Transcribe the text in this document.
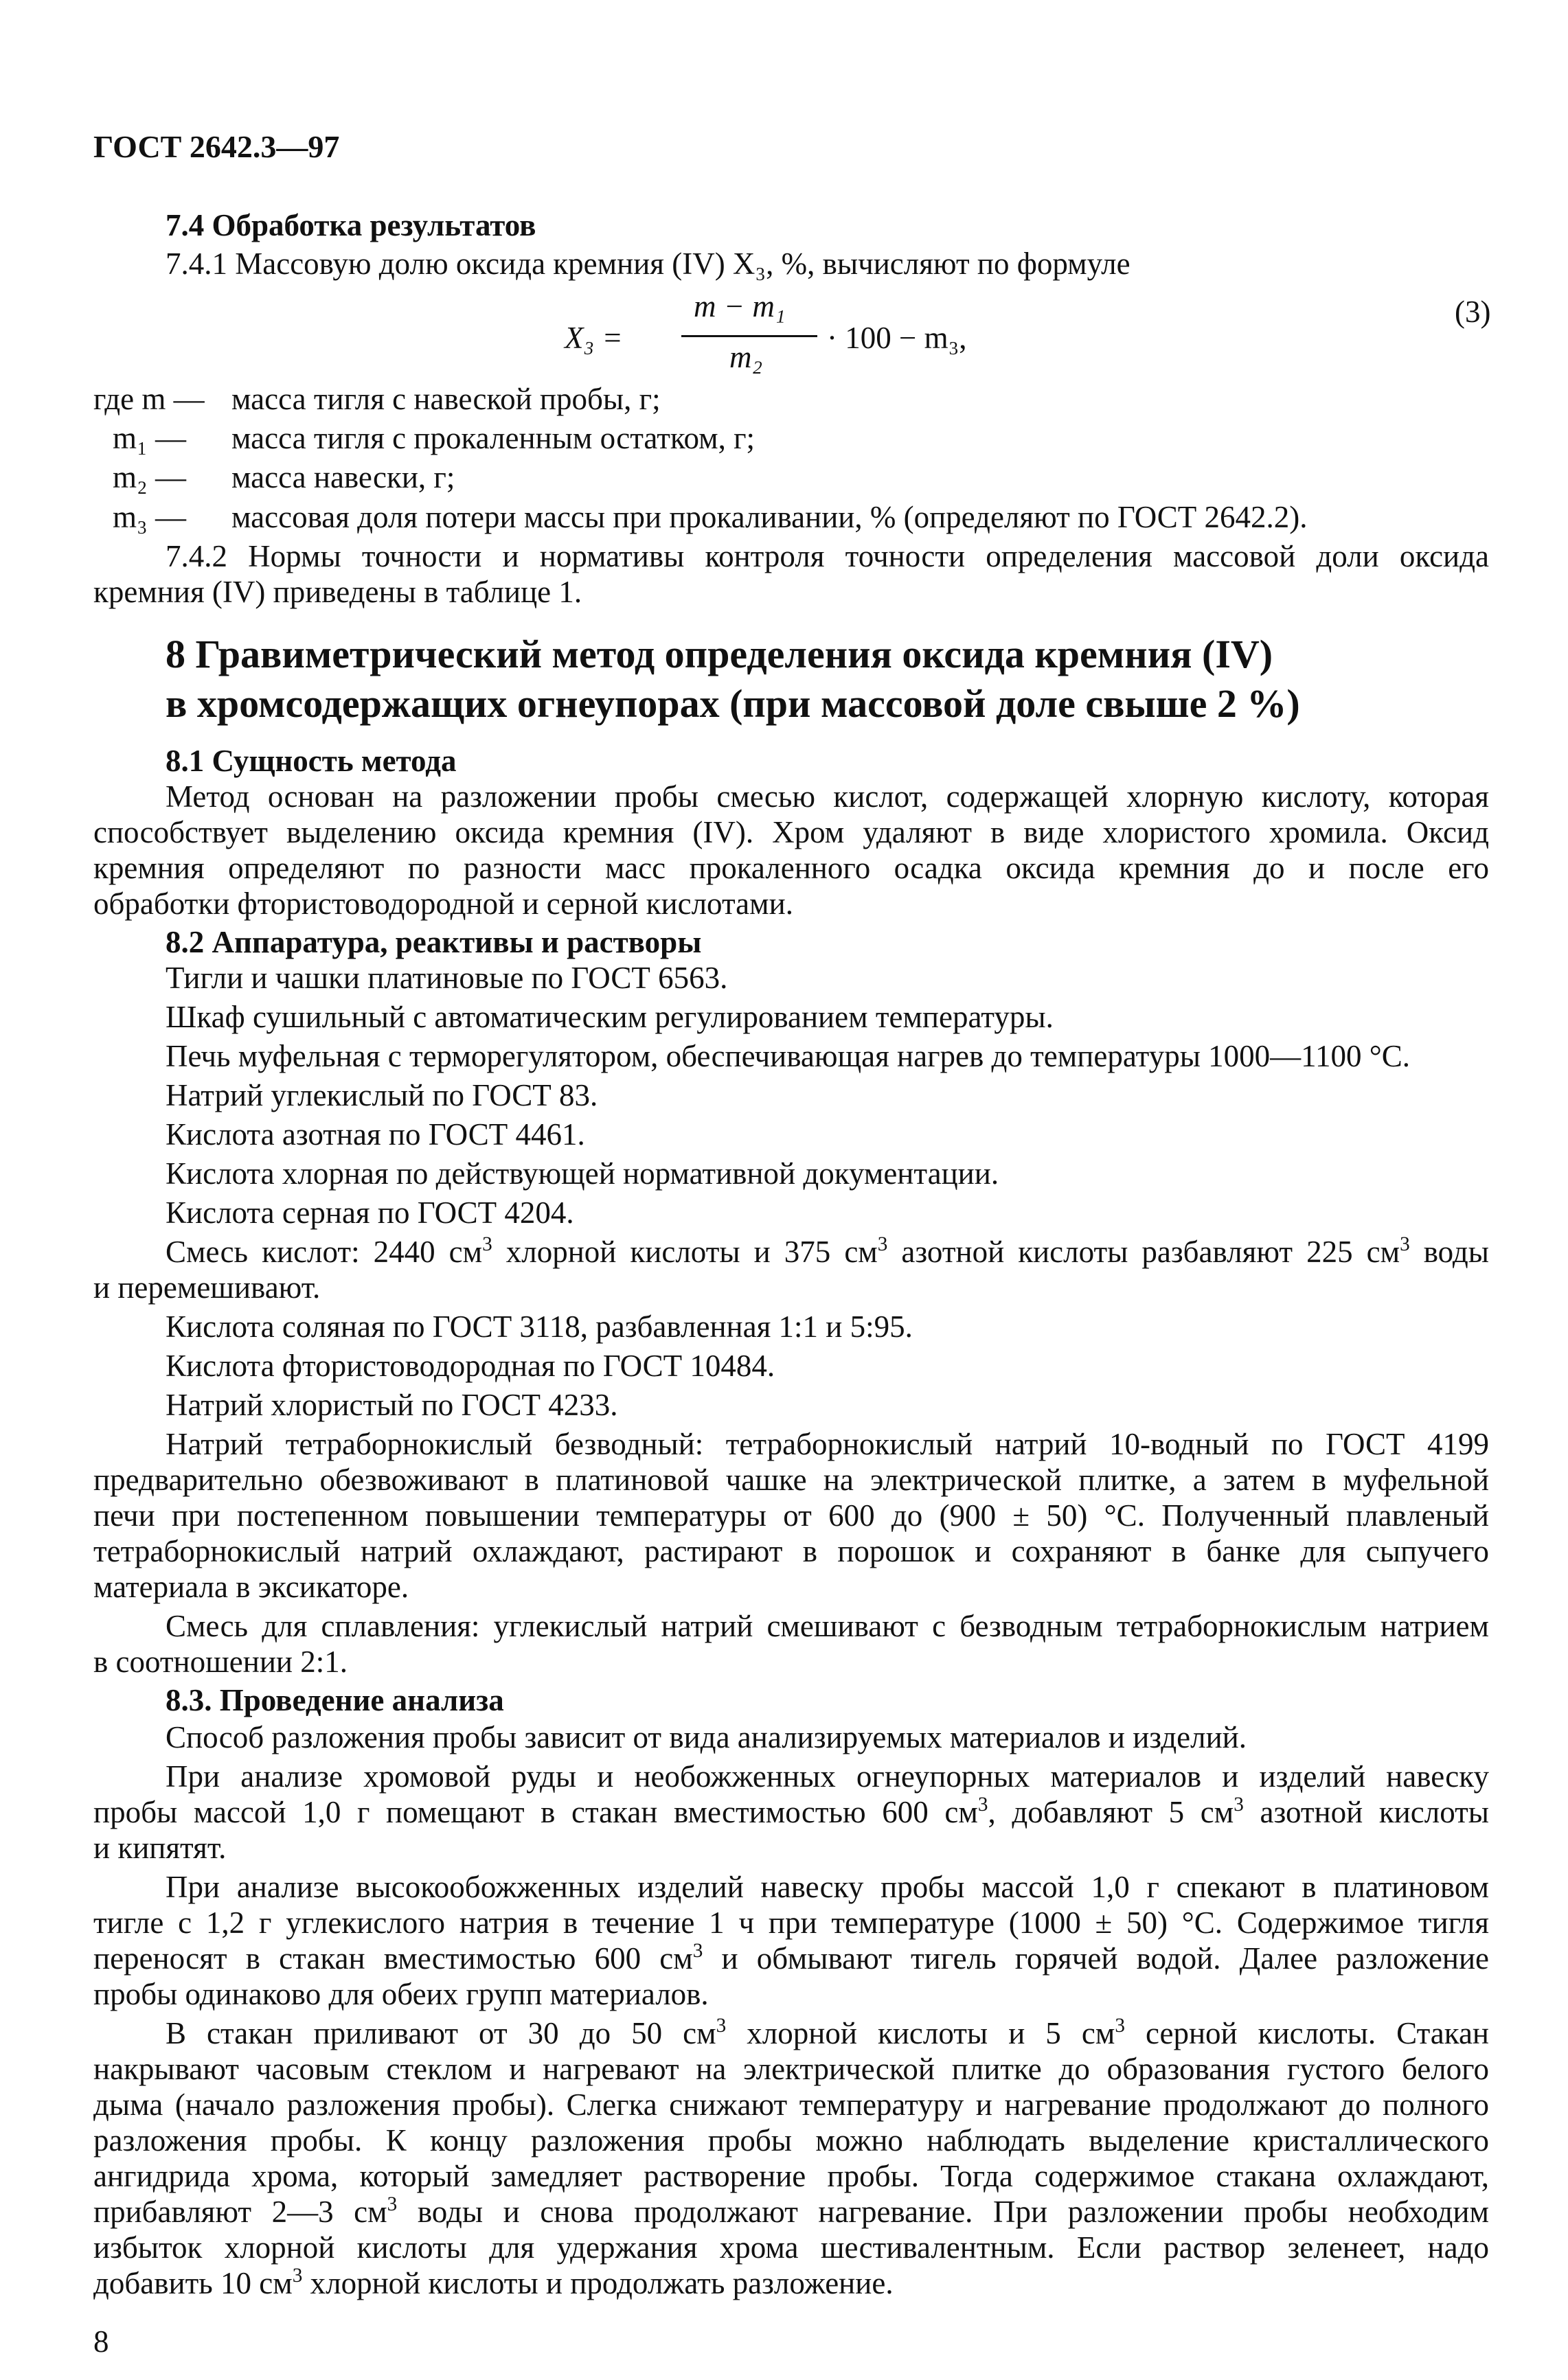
ГОСТ 2642.3—97
7.4 Обработка результатов
7.4.1 Массовую долю оксида кремния (IV) X₃, %, вычисляют по формуле
X₃ =
m − m₁
m₂
· 100 − m₃,
(3)
где m — масса тигля с навеской пробы, г;
m₁ — масса тигля с прокаленным остатком, г;
m₂ — масса навески, г;
m₃ — массовая доля потери массы при прокаливании, % (определяют по ГОСТ 2642.2).
7.4.2 Нормы точности и нормативы контроля точности определения массовой доли оксида
кремния (IV) приведены в таблице 1.
8 Гравиметрический метод определения оксида кремния (IV)
в хромсодержащих огнеупорах (при массовой доле свыше 2 %)
8.1 Сущность метода
Метод основан на разложении пробы смесью кислот, содержащей хлорную кислоту, которая
способствует выделению оксида кремния (IV). Хром удаляют в виде хлористого хромила. Оксид
кремния определяют по разности масс прокаленного осадка оксида кремния до и после его
обработки фтористоводородной и серной кислотами.
8.2 Аппаратура, реактивы и растворы
Тигли и чашки платиновые по ГОСТ 6563.
Шкаф сушильный с автоматическим регулированием температуры.
Печь муфельная с терморегулятором, обеспечивающая нагрев до температуры 1000—1100 °С.
Натрий углекислый по ГОСТ 83.
Кислота азотная по ГОСТ 4461.
Кислота хлорная по действующей нормативной документации.
Кислота серная по ГОСТ 4204.
Смесь кислот: 2440 $см^3$ хлорной кислоты и 375 $см^3$ азотной кислоты разбавляют 225 $см^3$ воды
и перемешивают.
Кислота соляная по ГОСТ 3118, разбавленная 1:1 и 5:95.
Кислота фтористоводородная по ГОСТ 10484.
Натрий хлористый по ГОСТ 4233.
Натрий тетраборнокислый безводный: тетраборнокислый натрий 10-водный по ГОСТ 4199
предварительно обезвоживают в платиновой чашке на электрической плитке, а затем в муфельной
печи при постепенном повышении температуры от 600 до (900 ± 50) °С. Полученный плавленый
тетраборнокислый натрий охлаждают, растирают в порошок и сохраняют в банке для сыпучего
материала в эксикаторе.
Смесь для сплавления: углекислый натрий смешивают с безводным тетраборнокислым натрием
в соотношении 2:1.
8.3. Проведение анализа
Способ разложения пробы зависит от вида анализируемых материалов и изделий.
При анализе хромовой руды и необожженных огнеупорных материалов и изделий навеску
пробы массой 1,0 г помещают в стакан вместимостью 600 $см^3$, добавляют 5 $см^3$ азотной кислоты
и кипятят.
При анализе высокообожженных изделий навеску пробы массой 1,0 г спекают в платиновом
тигле с 1,2 г углекислого натрия в течение 1 ч при температуре (1000 ± 50) °С. Содержимое тигля
переносят в стакан вместимостью 600 $см^3$ и обмывают тигель горячей водой. Далее разложение
пробы одинаково для обеих групп материалов.
В стакан приливают от 30 до 50 $см^3$ хлорной кислоты и 5 $см^3$ серной кислоты. Стакан
накрывают часовым стеклом и нагревают на электрической плитке до образования густого белого
дыма (начало разложения пробы). Слегка снижают температуру и нагревание продолжают до полного
разложения пробы. К концу разложения пробы можно наблюдать выделение кристаллического
ангидрида хрома, который замедляет растворение пробы. Тогда содержимое стакана охлаждают,
прибавляют 2—3 $см^3$ воды и снова продолжают нагревание. При разложении пробы необходим
избыток хлорной кислоты для удержания хрома шестивалентным. Если раствор зеленеет, надо
добавить 10 $см^3$ хлорной кислоты и продолжать разложение.
8
